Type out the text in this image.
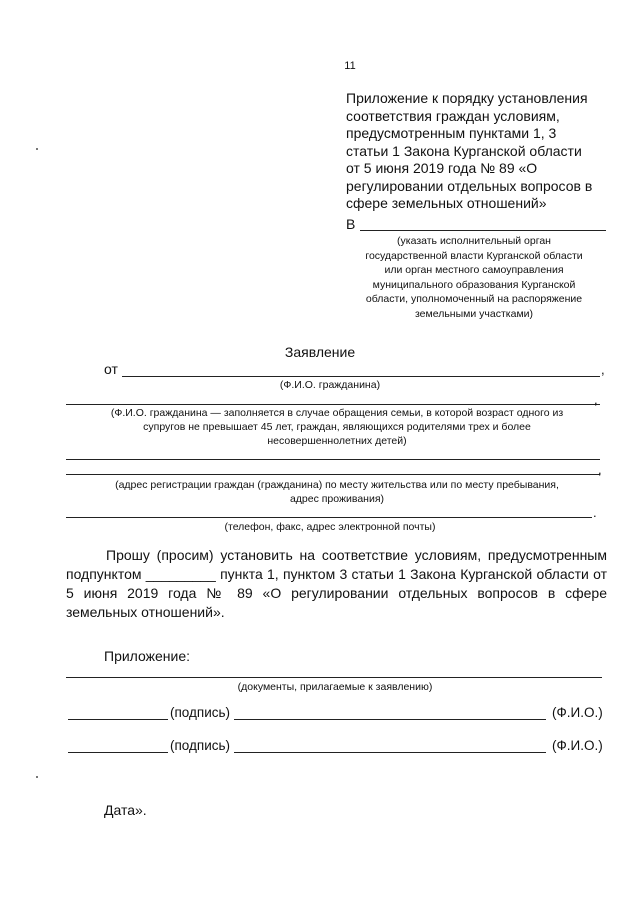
11
Приложение к порядку установления
соответствия граждан условиям,
предусмотренным пунктами 1, 3
статьи 1 Закона Курганской области
от 5 июня 2019 года № 89 «О
регулировании отдельных вопросов в
сфере земельных отношений»
В
(указать исполнительный орган
государственной власти Курганской области
или орган местного самоуправления
муниципального образования Курганской
области, уполномоченный на распоряжение
земельными участками)
Заявление
от	,
(Ф.И.О. гражданина)
,
(Ф.И.О. гражданина — заполняется в случае обращения семьи, в которой возраст одного из
супругов не превышает 45 лет, граждан, являющихся родителями трех и более
несовершеннолетних детей)
,
(адрес регистрации граждан (гражданина) по месту жительства или по месту пребывания,
адрес проживания)
.
(телефон, факс, адрес электронной почты)

Прошу (просим) установить на соответствие условиям, предусмотренным подпунктом _________ пункта 1, пунктом 3 статьи 1 Закона Курганской области от 5 июня 2019 года № 89 «О регулировании отдельных вопросов в сфере земельных отношений».

Приложение:
(документы, прилагаемые к заявлению)
(подпись)	(Ф.И.О.)
(подпись)	(Ф.И.О.)
Дата».
